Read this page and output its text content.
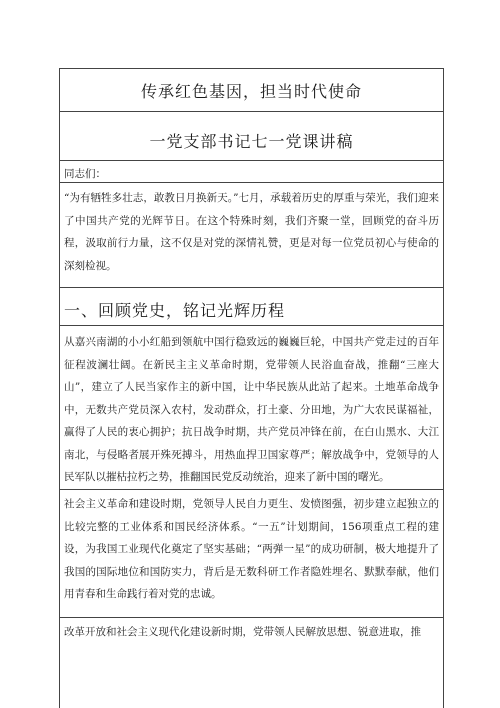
传承红色基因，担当时代使命
一党支部书记七一党课讲稿
同志们：

“为有牺牲多壮志，敢教日月换新天。”七月，承载着历史的厚重与荣光，我们迎来了中国共产党的光辉节日。在这个特殊时刻，我们齐聚一堂，回顾党的奋斗历程，汲取前行力量，这不仅是对党的深情礼赞，更是对每一位党员初心与使命的深刻检视。

一、回顾党史，铭记光辉历程

从嘉兴南湖的小小红船到领航中国行稳致远的巍巍巨轮，中国共产党走过的百年征程波澜壮阔。在新民主主义革命时期，党带领人民浴血奋战，推翻“三座大山”，建立了人民当家作主的新中国，让中华民族从此站了起来。土地革命战争中，无数共产党员深入农村，发动群众，打土豪、分田地，为广大农民谋福祉，赢得了人民的衷心拥护；抗日战争时期，共产党员冲锋在前，在白山黑水、大江南北，与侵略者展开殊死搏斗，用热血捍卫国家尊严；解放战争中，党领导的人民军队以摧枯拉朽之势，推翻国民党反动统治，迎来了新中国的曙光。

社会主义革命和建设时期，党领导人民自力更生、发愤图强，初步建立起独立的比较完整的工业体系和国民经济体系。“一五”计划期间，156项重点工程的建设，为我国工业现代化奠定了坚实基础；“两弹一星”的成功研制，极大地提升了我国的国际地位和国防实力，背后是无数科研工作者隐姓埋名、默默奉献，他们用青春和生命践行着对党的忠诚。

改革开放和社会主义现代化建设新时期，党带领人民解放思想、锐意进取，推
